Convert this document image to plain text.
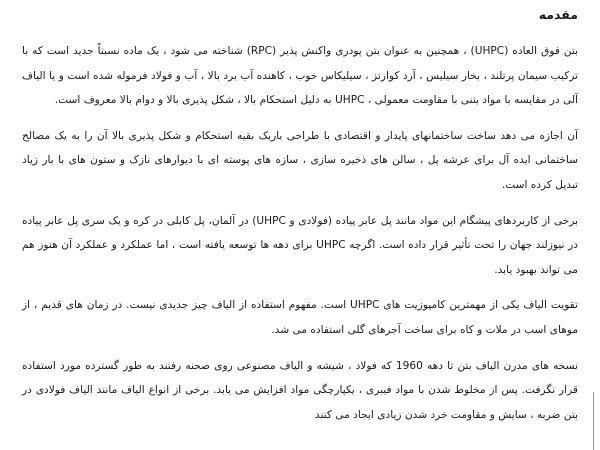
مقدمه

بتن فوق العاده (UHPC) ، همچنین به عنوان بتن پودری واکنش پذیر (RPC) شناخته می شود ، یک ماده نسبتاً جدید است که با ترکیب سیمان پرتلند ، بخار سیلیس ، آرد کوارتز ، سیلیکاس خوب ، کاهنده آب برد بالا ، آب و فولاد فرموله شده است و یا الیاف آلی در مقایسه با مواد بتنی با مقاومت معمولی ، UHPC به دلیل استحکام بالا ، شکل پذیری بالا و دوام بالا معروف است.

آن اجازه می دهد ساخت ساختمانهای پایدار و اقتصادی با طراحی باریک بقیه استحکام و شکل پذیری بالا آن را به یک مصالح ساختمانی ایده آل برای عرشه پل ، سالن های ذخیره سازی ، سازه های پوسته ای با دیوارهای نازک و ستون های با بار زیاد تبدیل کرده است.

برخی از کاربردهای پیشگام این مواد مانند پل عابر پیاده (فولادی و UHPC) در آلمان، پل کابلی در کره و یک سری پل عابر پیاده در نیوزلند جهان را تحت تأثیر قرار داده است. اگرچه UHPC برای دهه ها توسعه یافته است ، اما عملکرد و عملکرد آن هنوز هم می تواند بهبود یابد.

تقویت الیاف یکی از مهمترین کامپوزیت های UHPC است. مفهوم استفاده از الیاف چیز جدیدی نیست. در زمان های قدیم ، از موهای اسب در ملات و کاه برای ساخت آجرهای گلی استفاده می شد.

نسخه های مدرن الیاف بتن تا دهه 1960 که فولاد ، شیشه و الیاف مصنوعی روی صحنه رفتند به طور گسترده مورد استفاده قرار نگرفت. پس از مخلوط شدن با مواد فیبری ، یکپارچگی مواد افزایش می یابد. برخی از انواع الیاف مانند الیاف فولادی در بتن ضربه ، سایش و مقاومت خرد شدن زیادی ایجاد می کنند
